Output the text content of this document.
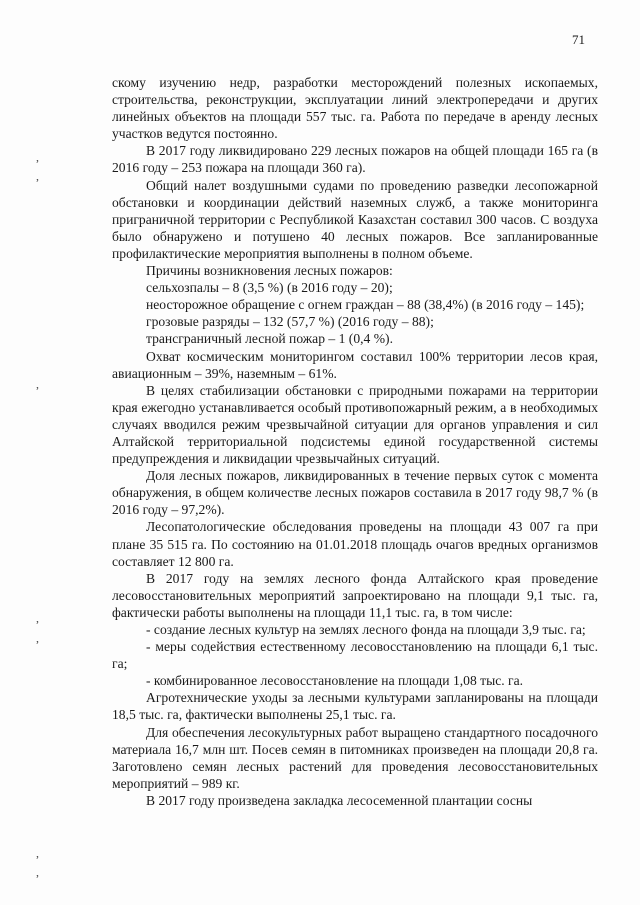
71
,
,
,
,
,
,
,

скому изучению недр, разработки месторождений полезных ископаемых, строительства, реконструкции, эксплуатации линий электропередачи и других линейных объектов на площади 557 тыс. га. Работа по передаче в аренду лесных участков ведутся постоянно.

В 2017 году ликвидировано 229 лесных пожаров на общей площади 165 га (в 2016 году – 253 пожара на площади 360 га).

Общий налет воздушными судами по проведению разведки лесопожарной обстановки и координации действий наземных служб, а также мониторинга приграничной территории с Республикой Казахстан составил 300 часов. С воздуха было обнаружено и потушено 40 лесных пожаров. Все запланированные профилактические мероприятия выполнены в полном объеме.

Причины возникновения лесных пожаров:

сельхозпалы – 8 (3,5 %) (в 2016 году – 20);

неосторожное обращение с огнем граждан – 88 (38,4%) (в 2016 году – 145);

грозовые разряды – 132 (57,7 %) (2016 году – 88);

трансграничный лесной пожар – 1 (0,4 %).

Охват космическим мониторингом составил 100% территории лесов края, авиационным – 39%, наземным – 61%.

В целях стабилизации обстановки с природными пожарами на территории края ежегодно устанавливается особый противопожарный режим, а в необходимых случаях вводился режим чрезвычайной ситуации для органов управления и сил Алтайской территориальной подсистемы единой государственной системы предупреждения и ликвидации чрезвычайных ситуаций.

Доля лесных пожаров, ликвидированных в течение первых суток с момента обнаружения, в общем количестве лесных пожаров составила в 2017 году 98,7 % (в 2016 году – 97,2%).

Лесопатологические обследования проведены на площади 43 007 га при плане 35 515 га. По состоянию на 01.01.2018 площадь очагов вредных организмов составляет 12 800 га.

В 2017 году на землях лесного фонда Алтайского края проведение лесовосстановительных мероприятий запроектировано на площади 9,1 тыс. га, фактически работы выполнены на площади 11,1 тыс. га, в том числе:

- создание лесных культур на землях лесного фонда на площади 3,9 тыс. га;

- меры содействия естественному лесовосстановлению на площади 6,1 тыс. га;

- комбинированное лесовосстановление на площади 1,08 тыс. га.

Агротехнические уходы за лесными культурами запланированы на площади 18,5 тыс. га, фактически выполнены 25,1 тыс. га.

Для обеспечения лесокультурных работ выращено стандартного посадочного материала 16,7 млн шт. Посев семян в питомниках произведен на площади 20,8 га. Заготовлено семян лесных растений для проведения лесовосстановительных мероприятий – 989 кг.

В 2017 году произведена закладка лесосеменной плантации сосны
